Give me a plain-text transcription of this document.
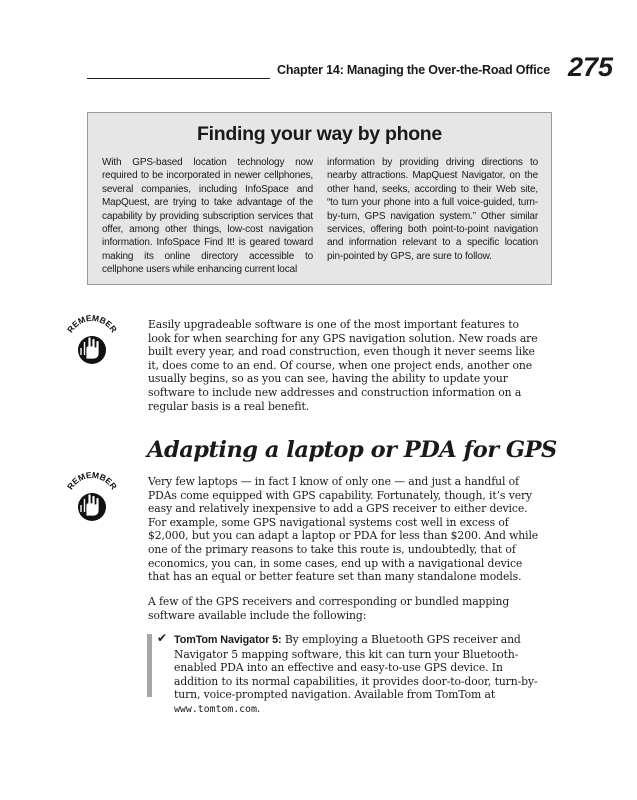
Chapter 14: Managing the Over-the-Road Office 275
Finding your way by phone
With GPS-based location technology now required to be incorporated in newer cellphones, several companies, including InfoSpace and MapQuest, are trying to take advantage of the capability by providing subscription services that offer, among other things, low-cost navigation information. InfoSpace Find It! is geared toward making its online directory accessible to cellphone users while enhancing current local
information by providing driving directions to nearby attractions. MapQuest Navigator, on the other hand, seeks, according to their Web site, “to turn your phone into a full voice-guided, turn-by-turn, GPS navigation system.” Other similar services, offering both point-to-point navigation and information relevant to a specific location pin-pointed by GPS, are sure to follow.
REMEMBER	Easily upgradeable software is one of the most important features to look for when searching for any GPS navigation solution. New roads are built every year, and road construction, even though it never seems like it, does come to an end. Of course, when one project ends, another one usually begins, so as you can see, having the ability to update your software to include new addresses and construction information on a regular basis is a real benefit.
Adapting a laptop or PDA for GPS
REMEMBER	Very few laptops — in fact I know of only one — and just a handful of PDAs come equipped with GPS capability. Fortunately, though, it’s very easy and relatively inexpensive to add a GPS receiver to either device. For example, some GPS navigational systems cost well in excess of $2,000, but you can adapt a laptop or PDA for less than $200. And while one of the primary reasons to take this route is, undoubtedly, that of economics, you can, in some cases, end up with a navigational device that has an equal or better feature set than many standalone models.
A few of the GPS receivers and corresponding or bundled mapping software available include the following:
✔ TomTom Navigator 5: By employing a Bluetooth GPS receiver and Navigator 5 mapping software, this kit can turn your Bluetooth-enabled PDA into an effective and easy-to-use GPS device. In addition to its normal capabilities, it provides door-to-door, turn-by-turn, voice-prompted navigation. Available from TomTom at www.tomtom.com.
